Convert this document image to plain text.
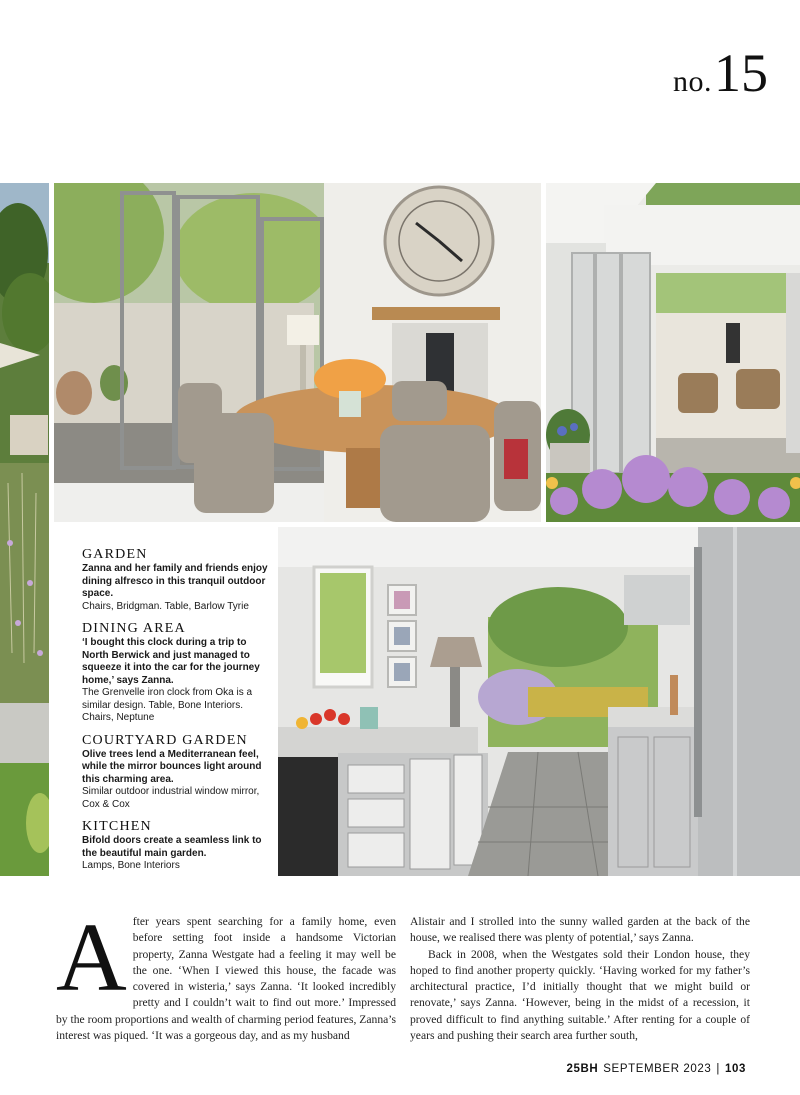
no. 15
GARDEN
Zanna and her family and friends enjoy dining alfresco in this tranquil outdoor space.
Chairs, Bridgman. Table, Barlow Tyrie
DINING AREA
‘I bought this clock during a trip to North Berwick and just managed to squeeze it into the car for the journey home,’ says Zanna.
The Grenvelle iron clock from Oka is a similar design. Table, Bone Interiors. Chairs, Neptune
COURTYARD GARDEN
Olive trees lend a Mediterranean feel, while the mirror bounces light around this charming area.
Similar outdoor industrial window mirror, Cox & Cox
KITCHEN
Bifold doors create a seamless link to the beautiful main garden.
Lamps, Bone Interiors
A fter years spent searching for a family home, even before setting foot inside a handsome Victorian property, Zanna Westgate had a feeling it may well be the one. ‘When I viewed this house, the facade was covered in wisteria,’ says Zanna. ‘It looked incredibly pretty and I couldn’t wait to find out more.’ Impressed by the room proportions and wealth of charming period features, Zanna’s interest was piqued. ‘It was a gorgeous day, and as my husband

Alistair and I strolled into the sunny walled garden at the back of the house, we realised there was plenty of potential,’ says Zanna.

Back in 2008, when the Westgates sold their London house, they hoped to find another property quickly. ‘Having worked for my father’s architectural practice, I’d initially thought that we might build or renovate,’ says Zanna. ‘However, being in the midst of a recession, it proved difficult to find anything suitable.’ After renting for a couple of years and pushing their search area further south,

25BH SEPTEMBER 2023 | 103
